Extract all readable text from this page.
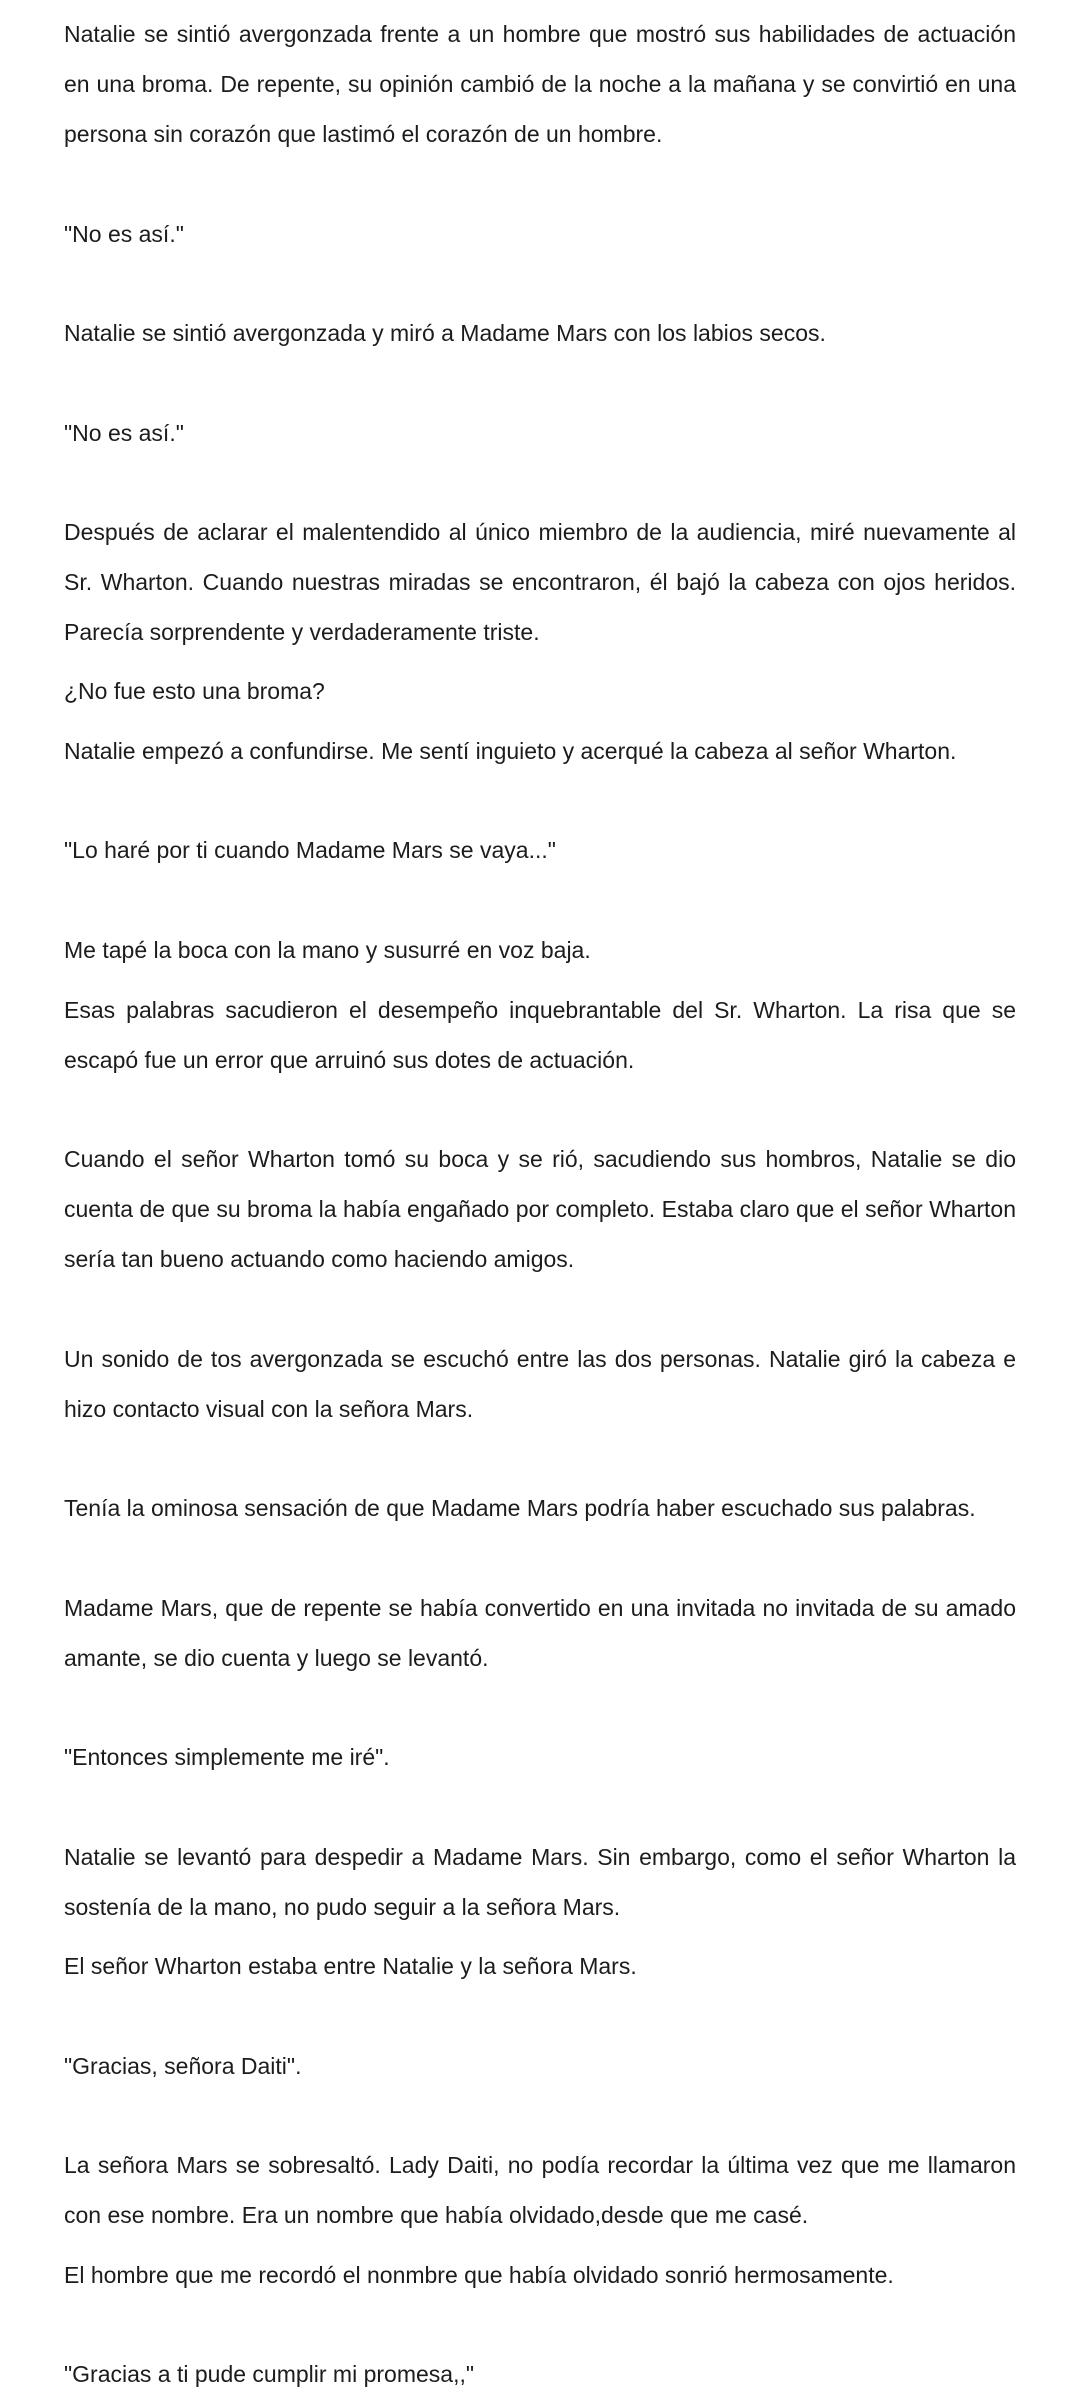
Natalie se sintió avergonzada frente a un hombre que mostró sus habilidades de actuación en una broma. De repente, su opinión cambió de la noche a la mañana y se convirtió en una persona sin corazón que lastimó el corazón de un hombre.

"No es así."

Natalie se sintió avergonzada y miró a Madame Mars con los labios secos.

"No es así."

Después de aclarar el malentendido al único miembro de la audiencia, miré nuevamente al Sr. Wharton. Cuando nuestras miradas se encontraron, él bajó la cabeza con ojos heridos. Parecía sorprendente y verdaderamente triste.

¿No fue esto una broma?

Natalie empezó a confundirse. Me sentí inguieto y acerqué la cabeza al señor Wharton.

"Lo haré por ti cuando Madame Mars se vaya..."

Me tapé la boca con la mano y susurré en voz baja.

Esas palabras sacudieron el desempeño inquebrantable del Sr. Wharton. La risa que se escapó fue un error que arruinó sus dotes de actuación.

Cuando el señor Wharton tomó su boca y se rió, sacudiendo sus hombros, Natalie se dio cuenta de que su broma la había engañado por completo. Estaba claro que el señor Wharton sería tan bueno actuando como haciendo amigos.

Un sonido de tos avergonzada se escuchó entre las dos personas. Natalie giró la cabeza e hizo contacto visual con la señora Mars.

Tenía la ominosa sensación de que Madame Mars podría haber escuchado sus palabras.

Madame Mars, que de repente se había convertido en una invitada no invitada de su amado amante, se dio cuenta y luego se levantó.

"Entonces simplemente me iré".

Natalie se levantó para despedir a Madame Mars. Sin embargo, como el señor Wharton la sostenía de la mano, no pudo seguir a la señora Mars.

El señor Wharton estaba entre Natalie y la señora Mars.

"Gracias, señora Daiti".

La señora Mars se sobresaltó. Lady Daiti, no podía recordar la última vez que me llamaron con ese nombre. Era un nombre que había olvidado,desde que me casé.

El hombre que me recordó el nonmbre que había olvidado sonrió hermosamente.

"Gracias a ti pude cumplir mi promesa,,"
